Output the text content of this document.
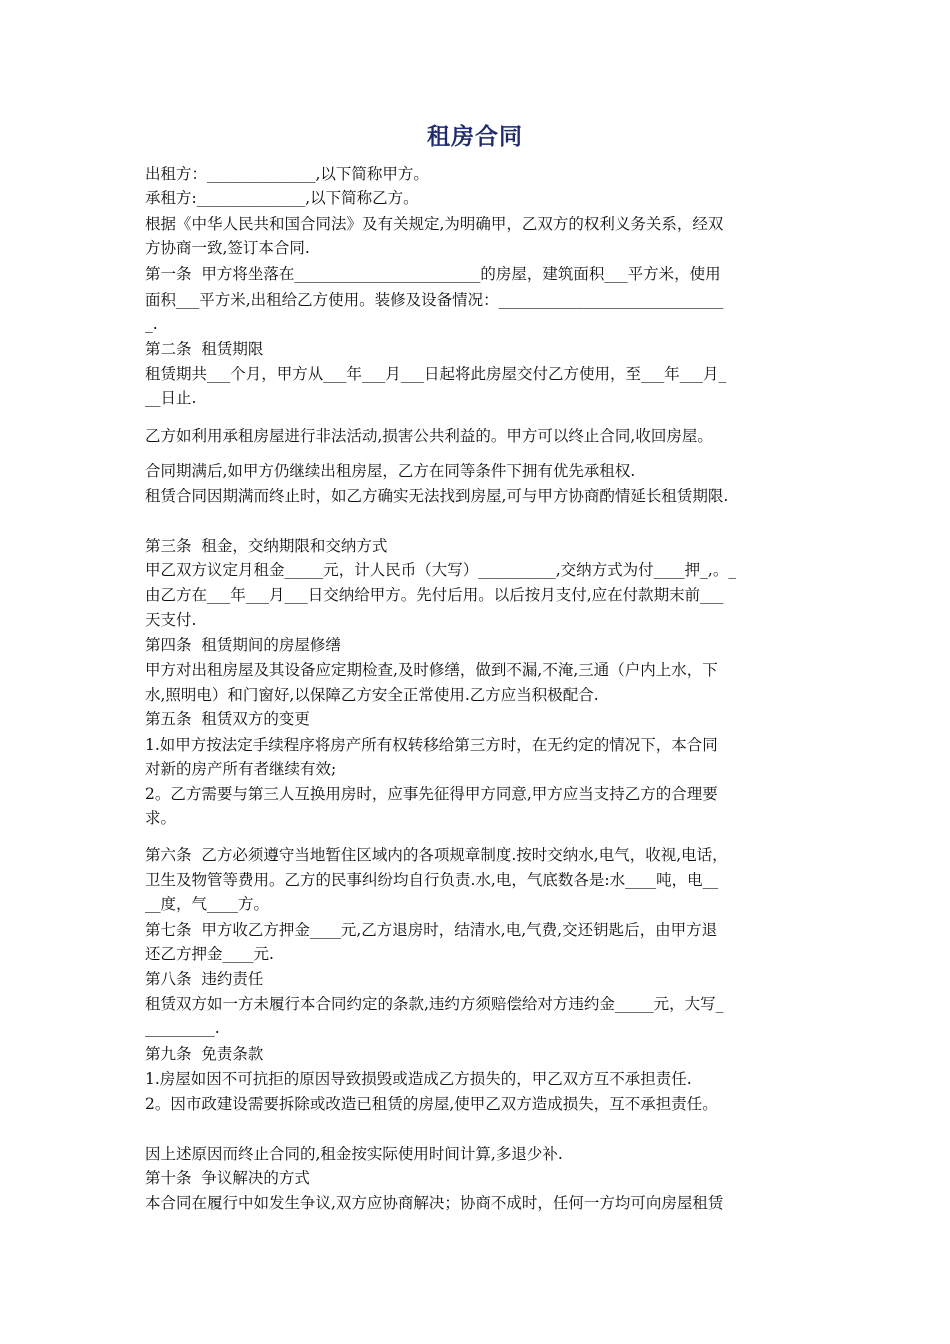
租房合同
出租方：______________,以下简称甲方。
承租方:______________,以下简称乙方。
根据《中华人民共和国合同法》及有关规定,为明确甲，乙双方的权利义务关系，经双
方协商一致,签订本合同.
第一条  甲方将坐落在________________________的房屋，建筑面积___平方米，使用
面积___平方米,出租给乙方使用。装修及设备情况：_____________________________
_.
第二条  租赁期限
租赁期共___个月，甲方从___年___月___日起将此房屋交付乙方使用，至___年___月_
__日止.
乙方如利用承租房屋进行非法活动,损害公共利益的。甲方可以终止合同,收回房屋。
合同期满后,如甲方仍继续出租房屋，乙方在同等条件下拥有优先承租权.
租赁合同因期满而终止时，如乙方确实无法找到房屋,可与甲方协商酌情延长租赁期限.
第三条  租金，交纳期限和交纳方式
甲乙双方议定月租金_____元，计人民币（大写）__________,交纳方式为付____押_,。_
由乙方在___年___月___日交纳给甲方。先付后用。以后按月支付,应在付款期末前___
天支付.
第四条  租赁期间的房屋修缮
甲方对出租房屋及其设备应定期检查,及时修缮，做到不漏,不淹,三通（户内上水，下
水,照明电）和门窗好,以保障乙方安全正常使用.乙方应当积极配合.
第五条  租赁双方的变更
1.如甲方按法定手续程序将房产所有权转移给第三方时，在无约定的情况下，本合同
对新的房产所有者继续有效;
2。乙方需要与第三人互换用房时，应事先征得甲方同意,甲方应当支持乙方的合理要
求。
第六条  乙方必须遵守当地暂住区域内的各项规章制度.按时交纳水,电气，收视,电话，
卫生及物管等费用。乙方的民事纠纷均自行负责.水,电，气底数各是:水____吨，电__
__度，气____方。
第七条  甲方收乙方押金____元,乙方退房时，结清水,电,气费,交还钥匙后，由甲方退
还乙方押金____元.
第八条  违约责任
租赁双方如一方未履行本合同约定的条款,违约方须赔偿给对方违约金_____元，大写_
_________.
第九条  免责条款
1.房屋如因不可抗拒的原因导致损毁或造成乙方损失的，甲乙双方互不承担责任.
2。因市政建设需要拆除或改造已租赁的房屋,使甲乙双方造成损失，互不承担责任。
因上述原因而终止合同的,租金按实际使用时间计算,多退少补.
第十条  争议解决的方式
本合同在履行中如发生争议,双方应协商解决；协商不成时，任何一方均可向房屋租赁
